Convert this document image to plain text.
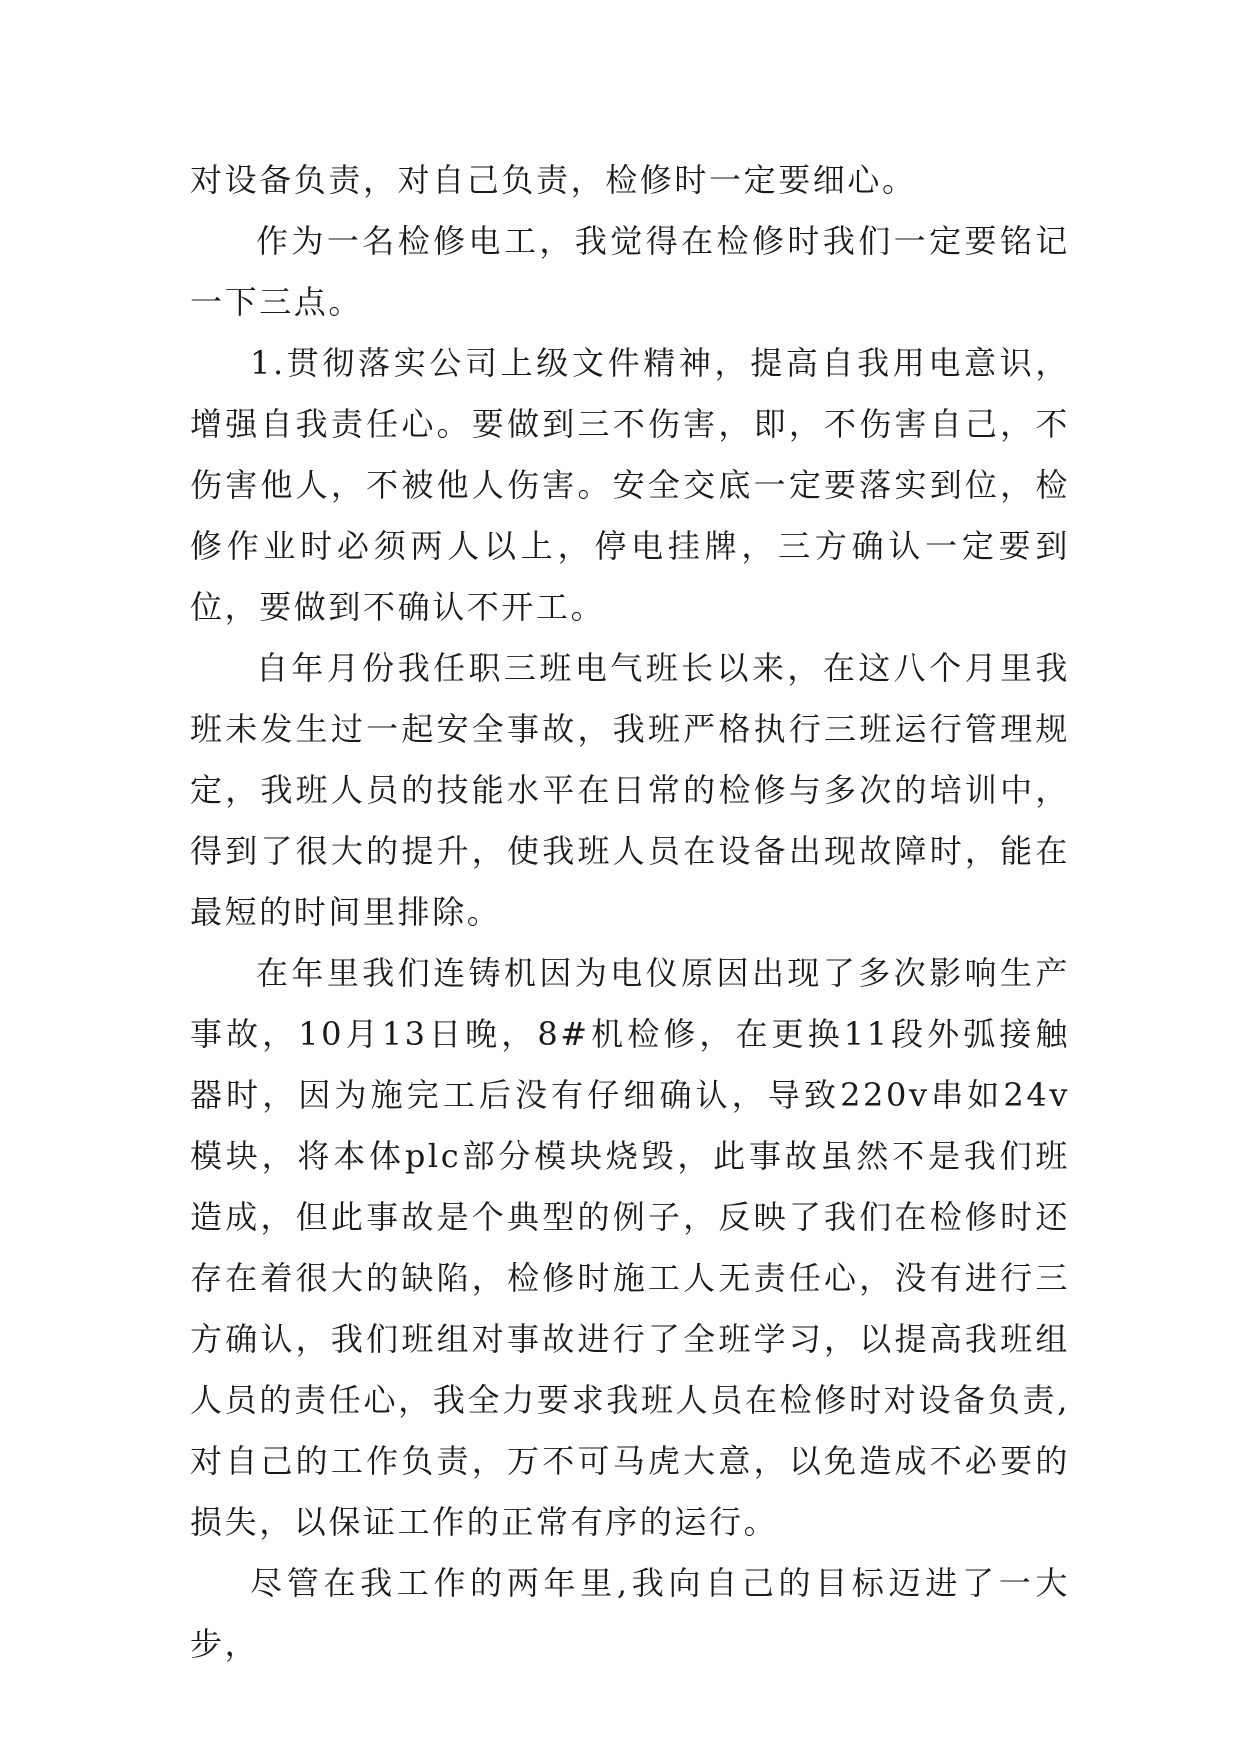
对设备负责，对自己负责，检修时一定要细心。

作为一名检修电工，我觉得在检修时我们一定要铭记一下三点。

1.贯彻落实公司上级文件精神，提高自我用电意识，增强自我责任心。要做到三不伤害，即，不伤害自己，不伤害他人，不被他人伤害。安全交底一定要落实到位，检修作业时必须两人以上，停电挂牌，三方确认一定要到位，要做到不确认不开工。

自年月份我任职三班电气班长以来，在这八个月里我班未发生过一起安全事故，我班严格执行三班运行管理规定，我班人员的技能水平在日常的检修与多次的培训中，得到了很大的提升，使我班人员在设备出现故障时，能在最短的时间里排除。

在年里我们连铸机因为电仪原因出现了多次影响生产事故，10月13日晚，8#机检修，在更换11段外弧接触器时，因为施完工后没有仔细确认，导致220v串如24v模块，将本体plc部分模块烧毁，此事故虽然不是我们班造成，但此事故是个典型的例子，反映了我们在检修时还存在着很大的缺陷，检修时施工人无责任心，没有进行三方确认，我们班组对事故进行了全班学习，以提高我班组人员的责任心，我全力要求我班人员在检修时对设备负责,对自己的工作负责，万不可马虎大意，以免造成不必要的损失，以保证工作的正常有序的运行。

尽管在我工作的两年里,我向自己的目标迈进了一大步，
